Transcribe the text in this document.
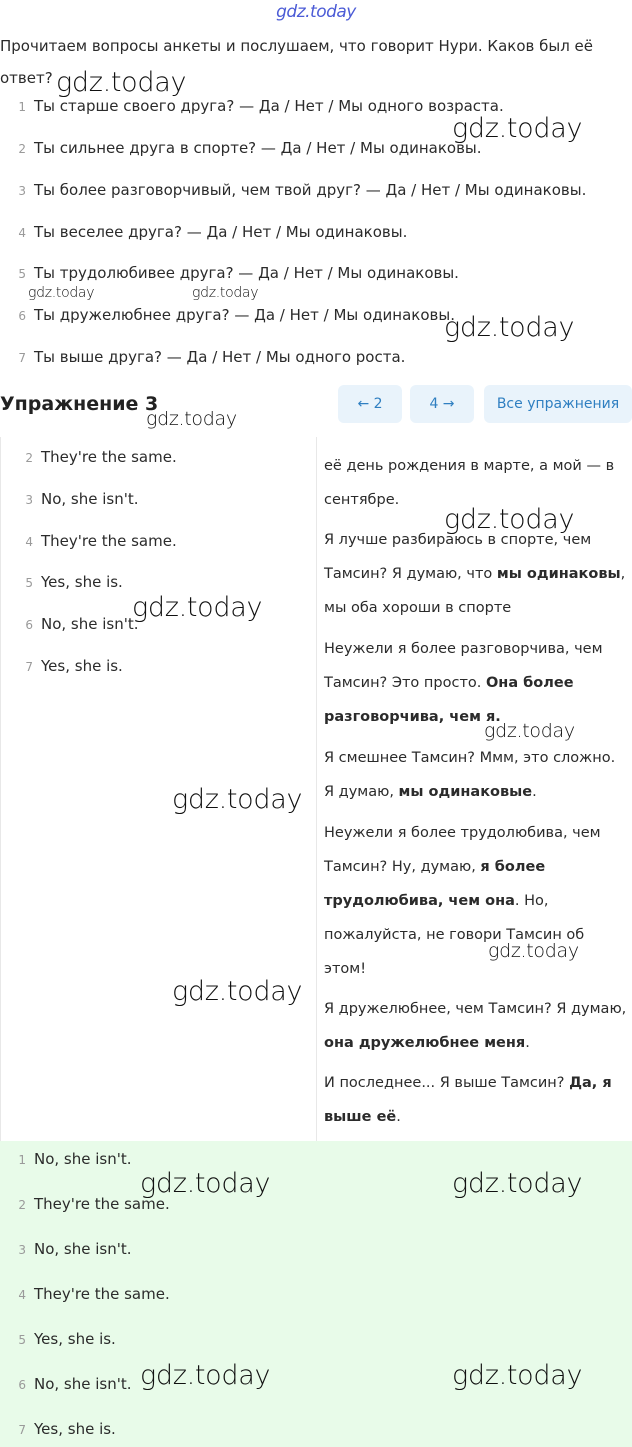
gdz.today
Прочитаем вопросы анкеты и послушаем, что говорит Нури. Каков был её ответ?
1 Ты старше своего друга? — Да / Нет / Мы одного возраста.
2 Ты сильнее друга в спорте? — Да / Нет / Мы одинаковы.
3 Ты более разговорчивый, чем твой друг? — Да / Нет / Мы одинаковы.
4 Ты веселее друга? — Да / Нет / Мы одинаковы.
5 Ты трудолюбивее друга? — Да / Нет / Мы одинаковы.
6 Ты дружелюбнее друга? — Да / Нет / Мы одинаковы.
7 Ты выше друга? — Да / Нет / Мы одного роста.
Упражнение 3	← 2	4 →	Все упражнения
2 They're the same.
3 No, she isn't.
4 They're the same.
5 Yes, she is.
6 No, she isn't.
7 Yes, she is.
её день рождения в марте, а мой — в сентябре.
Я лучше разбираюсь в спорте, чем Тамсин? Я думаю, что мы одинаковы, мы оба хороши в спорте
Неужели я более разговорчива, чем Тамсин? Это просто. Она более разговорчива, чем я.
Я смешнее Тамсин? Ммм, это сложно. Я думаю, мы одинаковые.
Неужели я более трудолюбива, чем Тамсин? Ну, думаю, я более трудолюбива, чем она. Но, пожалуйста, не говори Тамсин об этом!
Я дружелюбнее, чем Тамсин? Я думаю, она дружелюбнее меня.
И последнее... Я выше Тамсин? Да, я выше её.
1 No, she isn't.
2 They're the same.
3 No, she isn't.
4 They're the same.
5 Yes, she is.
6 No, she isn't.
7 Yes, she is.
gdz.today
gdz.today
gdz.today	gdz.today
gdz.today
gdz.today
gdz.today
gdz.today
gdz.today
gdz.today
gdz.today
gdz.today
gdz.today	gdz.today
gdz.today	gdz.today
